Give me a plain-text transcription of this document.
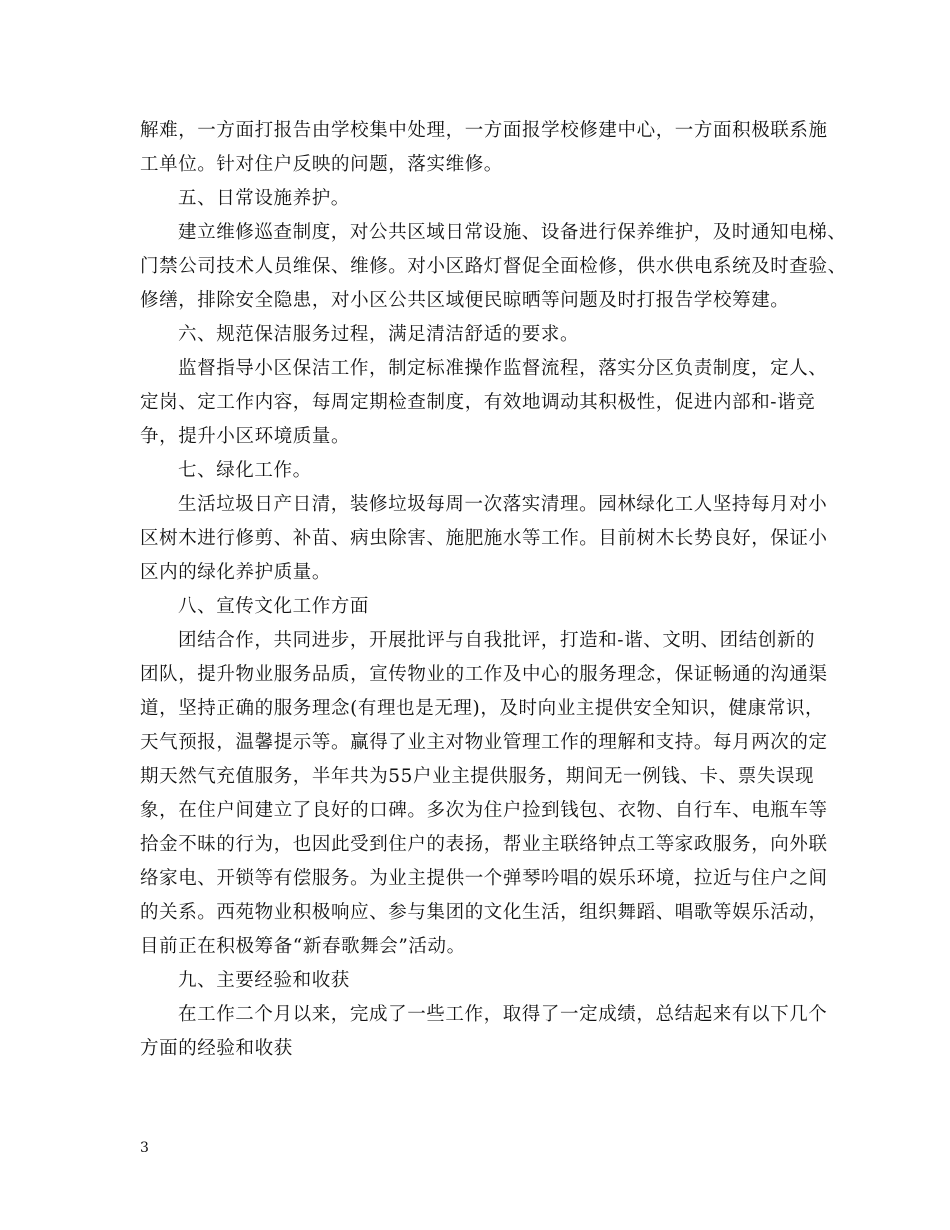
解难，一方面打报告由学校集中处理，一方面报学校修建中心，一方面积极联系施
工单位。针对住户反映的问题，落实维修。
五、日常设施养护。
建立维修巡查制度，对公共区域日常设施、设备进行保养维护，及时通知电梯、
门禁公司技术人员维保、维修。对小区路灯督促全面检修，供水供电系统及时查验、
修缮，排除安全隐患，对小区公共区域便民晾晒等问题及时打报告学校筹建。
六、规范保洁服务过程，满足清洁舒适的要求。
监督指导小区保洁工作，制定标准操作监督流程，落实分区负责制度，定人、
定岗、定工作内容，每周定期检查制度，有效地调动其积极性，促进内部和-谐竞
争，提升小区环境质量。
七、绿化工作。
生活垃圾日产日清，装修垃圾每周一次落实清理。园林绿化工人坚持每月对小
区树木进行修剪、补苗、病虫除害、施肥施水等工作。目前树木长势良好，保证小
区内的绿化养护质量。
八、宣传文化工作方面
团结合作，共同进步，开展批评与自我批评，打造和-谐、文明、团结创新的
团队，提升物业服务品质，宣传物业的工作及中心的服务理念，保证畅通的沟通渠
道，坚持正确的服务理念(有理也是无理)，及时向业主提供安全知识，健康常识，
天气预报，温馨提示等。赢得了业主对物业管理工作的理解和支持。每月两次的定
期天然气充值服务，半年共为55户业主提供服务，期间无一例钱、卡、票失误现
象，在住户间建立了良好的口碑。多次为住户捡到钱包、衣物、自行车、电瓶车等
拾金不昧的行为，也因此受到住户的表扬，帮业主联络钟点工等家政服务，向外联
络家电、开锁等有偿服务。为业主提供一个弹琴吟唱的娱乐环境，拉近与住户之间
的关系。西苑物业积极响应、参与集团的文化生活，组织舞蹈、唱歌等娱乐活动，
目前正在积极筹备“新春歌舞会”活动。
九、主要经验和收获
在工作二个月以来，完成了一些工作，取得了一定成绩，总结起来有以下几个
方面的经验和收获
3
